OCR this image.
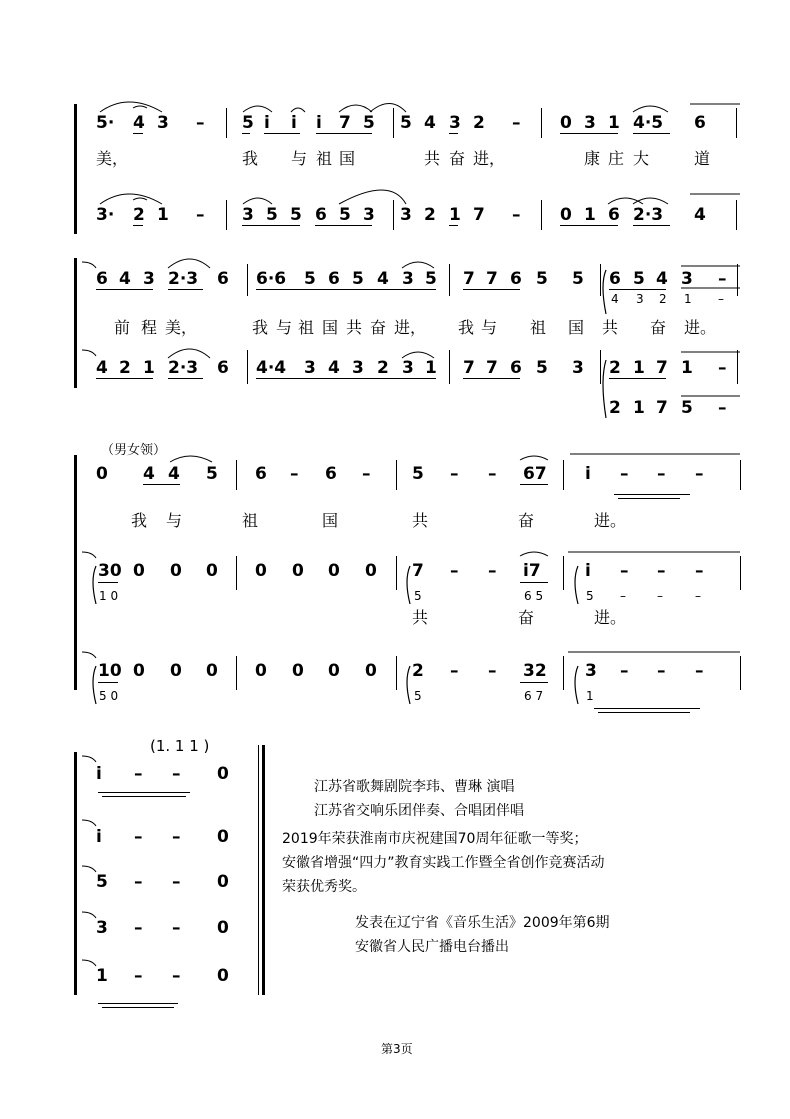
5· 4 3 – 5 i i i 7 5 5 4 3 2 – 0 3 1 4·5 6
美，	我 与 祖 国	共 奋 进，	康 庄 大	道
3· 2 1 – 3 5 5 6 5 3 3 2 1 7 – 0 1 6 2·3 4
6 4 3 2·3 6 6·6 5 6 5 4 3 5 7 7 6 5 5 6 5 4 3 –
4 3 2 1 –
前 程 美，	我 与 祖 国 共 奋 进， 我 与 祖 国 共 奋 进。
4 2 1 2·3 6 4·4 3 4 3 2 3 1 7 7 6 5 3 2 1 7 1 –
2 1 7 5 –
（男女领）
0 4 4 5 6 – 6 – 5 – – 67 i – – –
我 与	祖	国	共	奋	进。
30 0 0 0 0 0 0 0 7 – – i7	i – – –
1 0	5	6 5	5 –	–	–
共	奋	进。
10 0 0 0 0 0 0 0 2 – – 32 3 – – –
5 0	5	6 7	1
(1. 1 1 )
i – – 0
i – – 0
5 – – 0
3 – – 0
1 – – 0
江苏省歌舞剧院李玮、曹琳 演唱
江苏省交响乐团伴奏、合唱团伴唱
2019年荣获淮南市庆祝建国70周年征歌一等奖；
安徽省增强“四力”教育实践工作暨全省创作竞赛活动
荣获优秀奖。
发表在辽宁省《音乐生活》2009年第6期
安徽省人民广播电台播出
第3页
